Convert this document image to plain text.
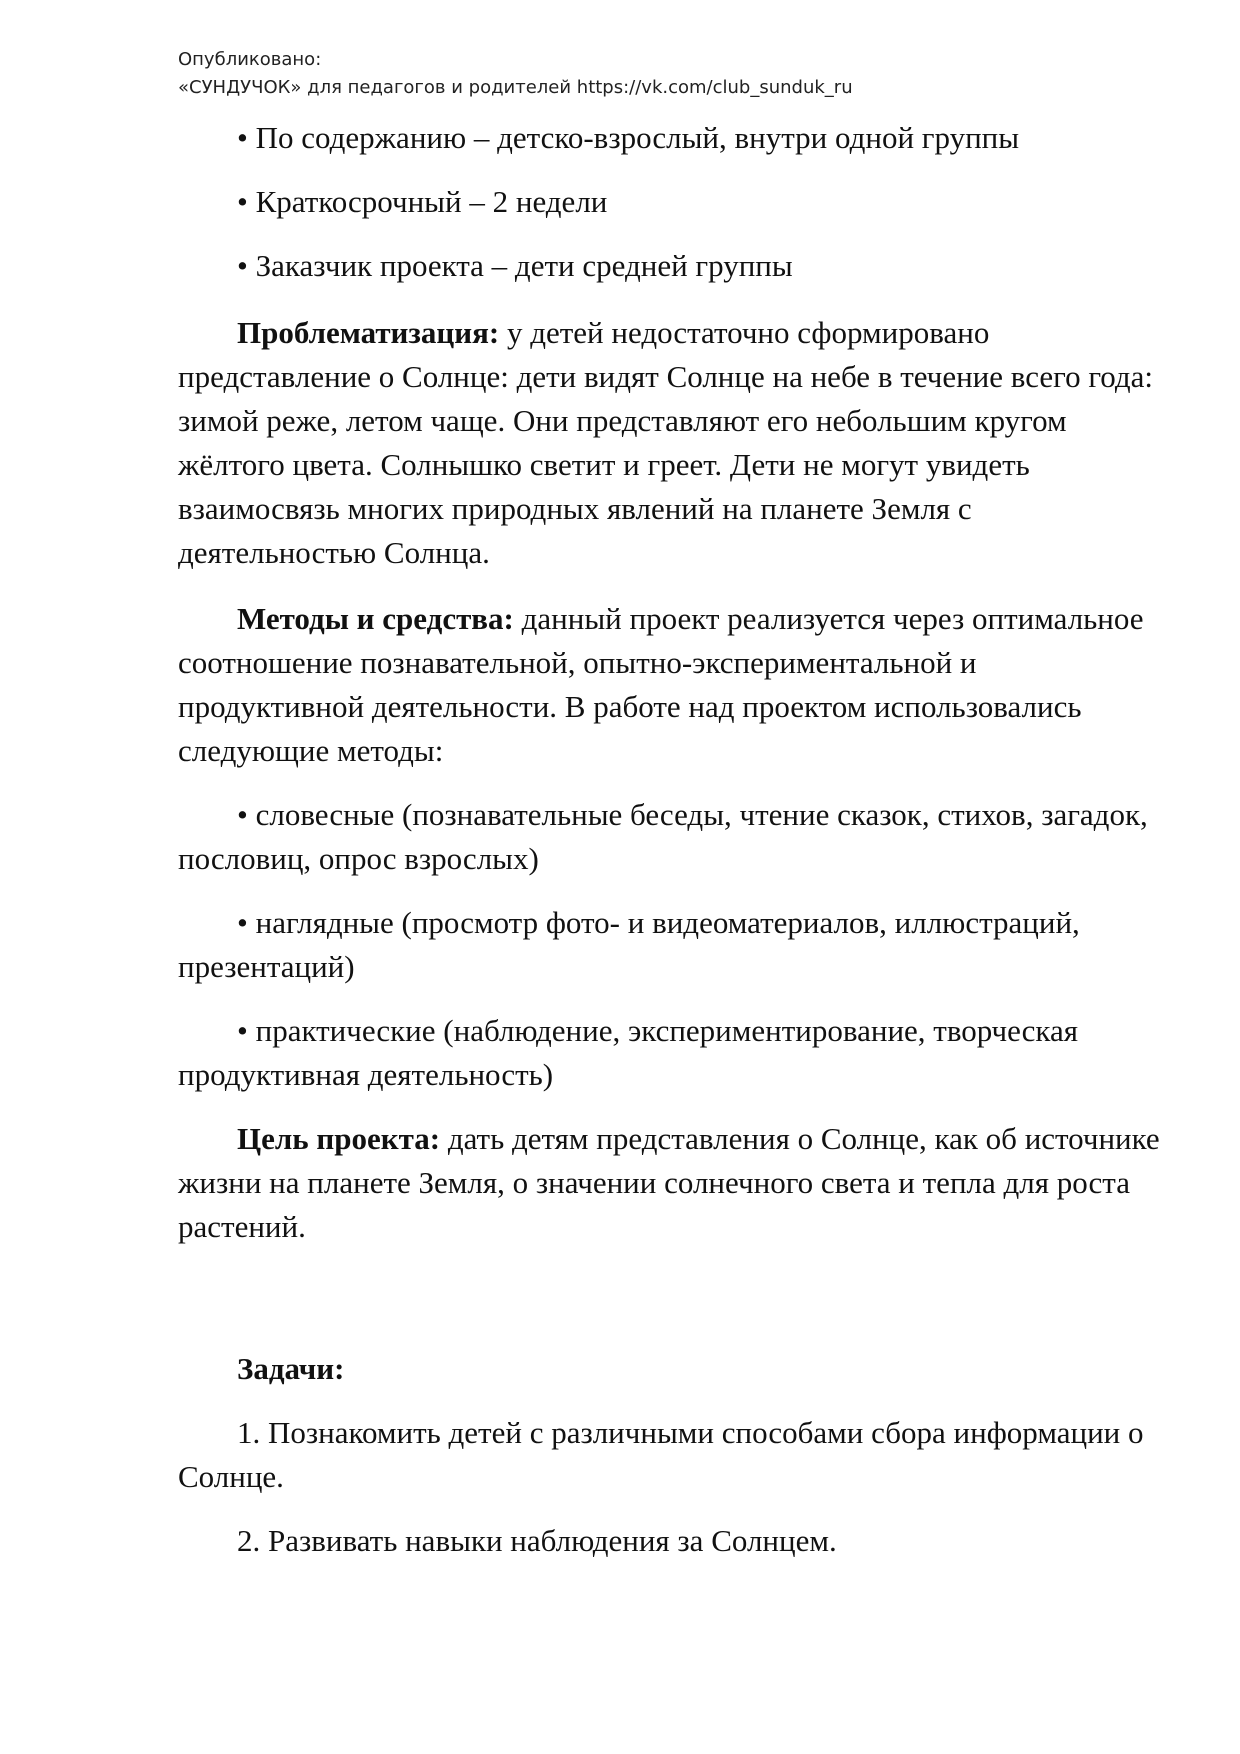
Опубликовано:
«СУНДУЧОК» для педагогов и родителей https://vk.com/club_sunduk_ru

• По содержанию – детско-взрослый, внутри одной группы

• Краткосрочный – 2 недели

• Заказчик проекта – дети средней группы

Проблематизация: у детей недостаточно сформировано представление о Солнце: дети видят Солнце на небе в течение всего года: зимой реже, летом чаще. Они представляют его небольшим кругом жёлтого цвета. Солнышко светит и греет. Дети не могут увидеть взаимосвязь многих природных явлений на планете Земля с деятельностью Солнца.

Методы и средства: данный проект реализуется через оптимальное соотношение познавательной, опытно-экспериментальной и продуктивной деятельности. В работе над проектом использовались следующие методы:

• словесные (познавательные беседы, чтение сказок, стихов, загадок, пословиц, опрос взрослых)

• наглядные (просмотр фото- и видеоматериалов, иллюстраций, презентаций)

• практические (наблюдение, экспериментирование, творческая продуктивная деятельность)

Цель проекта: дать детям представления о Солнце, как об источнике жизни на планете Земля, о значении солнечного света и тепла для роста растений.

Задачи:

1. Познакомить детей с различными способами сбора информации о Солнце.

2. Развивать навыки наблюдения за Солнцем.
